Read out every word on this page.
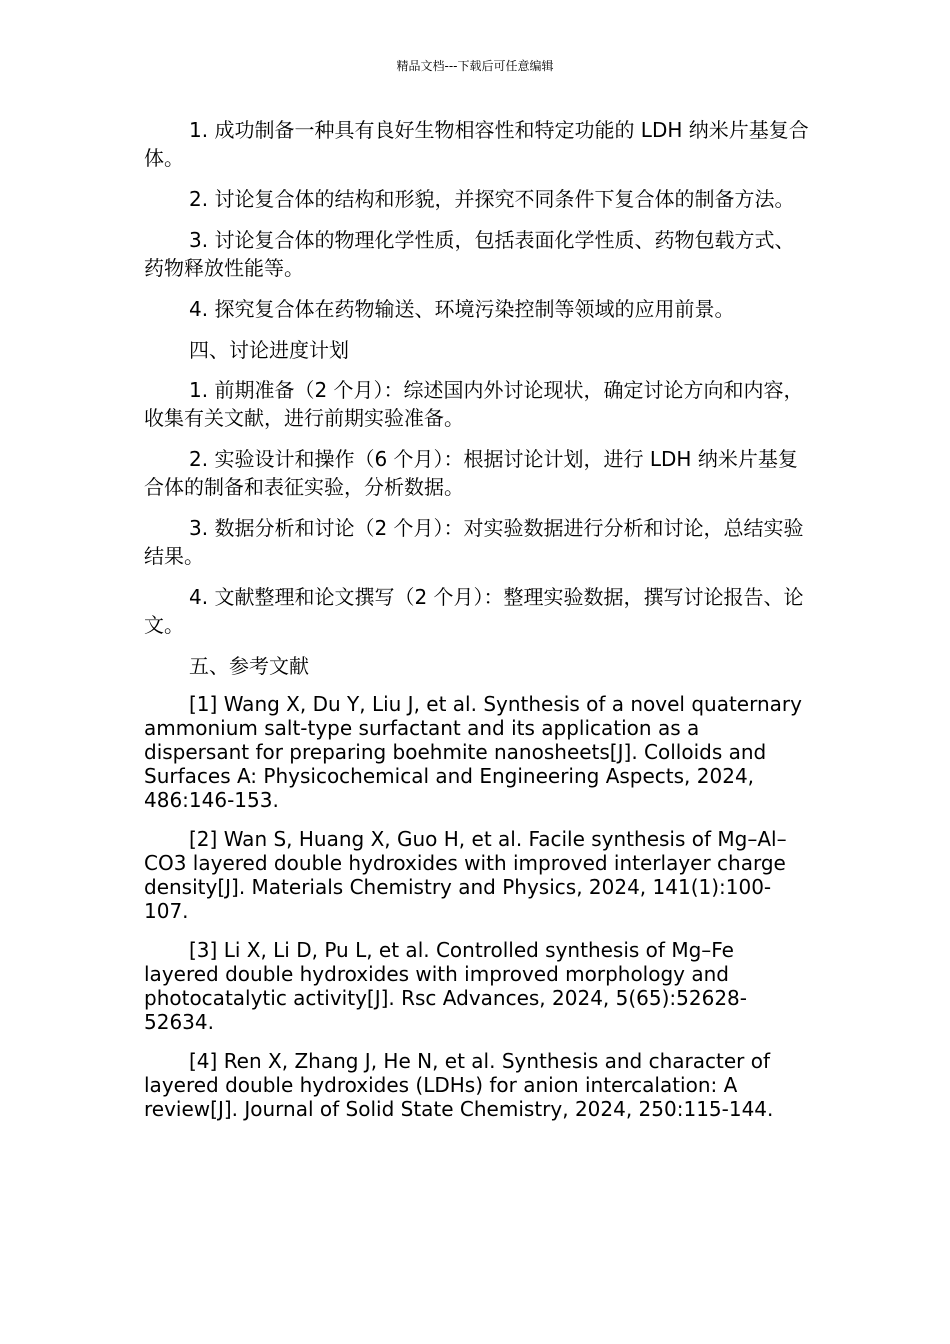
精品文档---下载后可任意编辑

1. 成功制备一种具有良好生物相容性和特定功能的 LDH 纳米片基复合体。

2. 讨论复合体的结构和形貌，并探究不同条件下复合体的制备方法。

3. 讨论复合体的物理化学性质，包括表面化学性质、药物包载方式、药物释放性能等。

4. 探究复合体在药物输送、环境污染控制等领域的应用前景。

四、讨论进度计划

1. 前期准备（2 个月）：综述国内外讨论现状，确定讨论方向和内容，收集有关文献，进行前期实验准备。

2. 实验设计和操作（6 个月）：根据讨论计划，进行 LDH 纳米片基复合体的制备和表征实验，分析数据。

3. 数据分析和讨论（2 个月）：对实验数据进行分析和讨论，总结实验结果。

4. 文献整理和论文撰写（2 个月）：整理实验数据，撰写讨论报告、论文。

五、参考文献

[1] Wang X, Du Y, Liu J, et al. Synthesis of a novel quaternary ammonium salt-type surfactant and its application as a dispersant for preparing boehmite nanosheets[J]. Colloids and Surfaces A: Physicochemical and Engineering Aspects, 2024, 486:146-153.

[2] Wan S, Huang X, Guo H, et al. Facile synthesis of Mg–Al–CO3 layered double hydroxides with improved interlayer charge density[J]. Materials Chemistry and Physics, 2024, 141(1):100-107.

[3] Li X, Li D, Pu L, et al. Controlled synthesis of Mg–Fe layered double hydroxides with improved morphology and photocatalytic activity[J]. Rsc Advances, 2024, 5(65):52628-52634.

[4] Ren X, Zhang J, He N, et al. Synthesis and character of layered double hydroxides (LDHs) for anion intercalation: A review[J]. Journal of Solid State Chemistry, 2024, 250:115-144.
